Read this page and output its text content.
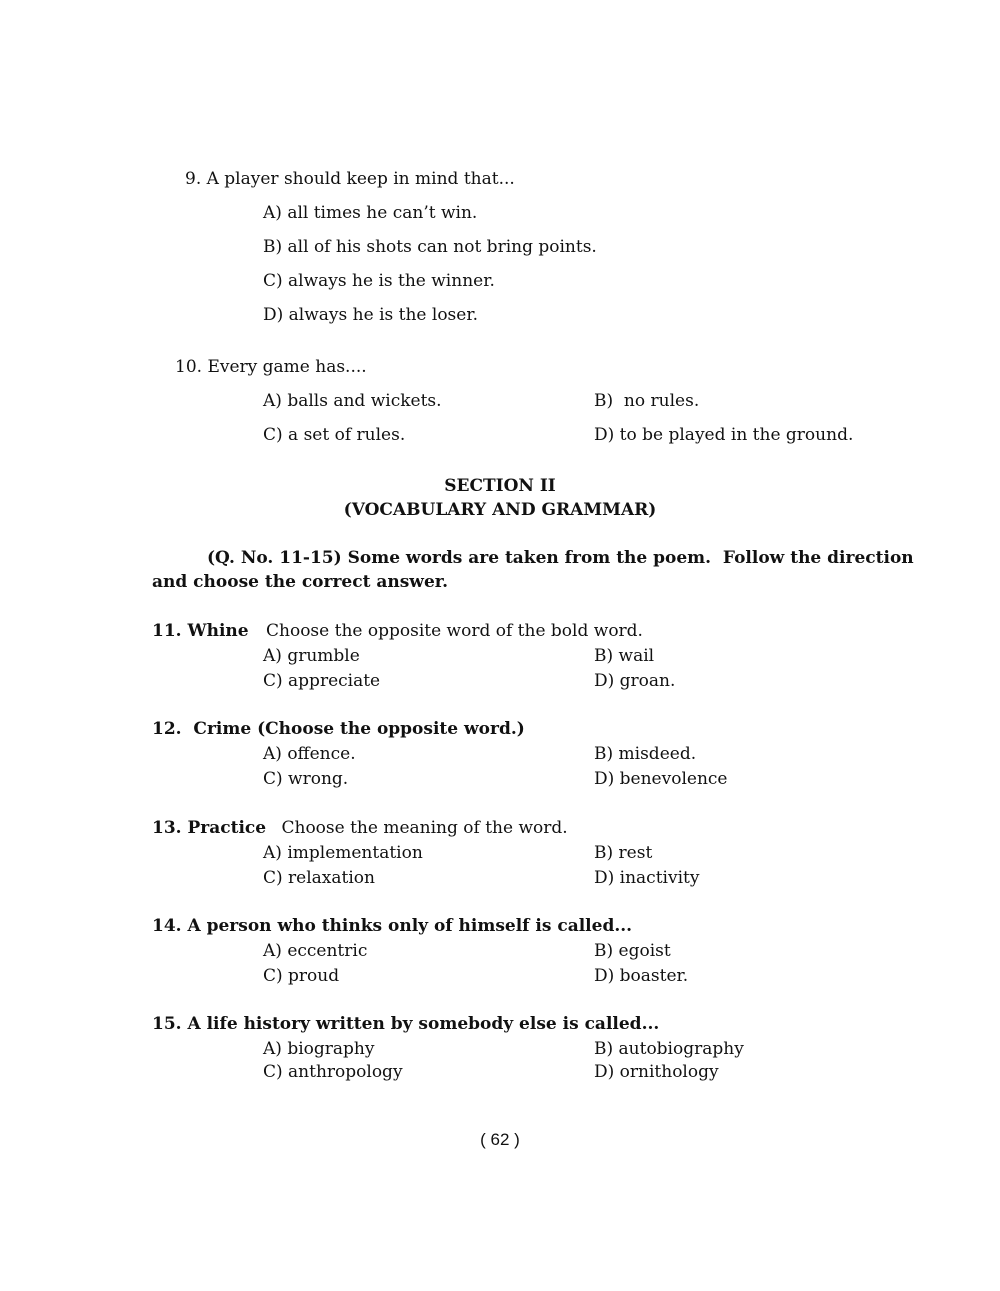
9. A player should keep in mind that...
A) all times he can’t win.
B) all of his shots can not bring points.
C) always he is the winner.
D) always he is the loser.
10. Every game has....
A) balls and wickets.	B)  no rules.
C) a set of rules.	D) to be played in the ground.
SECTION II
(VOCABULARY AND GRAMMAR)
(Q. No. 11-15) Some words are taken from the poem.  Follow the direction
and choose the correct answer.
11. Whine Choose the opposite word of the bold word.
A) grumble	B) wail
C) appreciate	D) groan.
12.  Crime (Choose the opposite word.)
A) offence.	B) misdeed.
C) wrong.	D) benevolence
13. Practice Choose the meaning of the word.
A) implementation	B) rest
C) relaxation	D) inactivity
14. A person who thinks only of himself is called...
A) eccentric	B) egoist
C) proud	D) boaster.
15. A life history written by somebody else is called...
A) biography	B) autobiography
C) anthropology	D) ornithology
( 62 )
